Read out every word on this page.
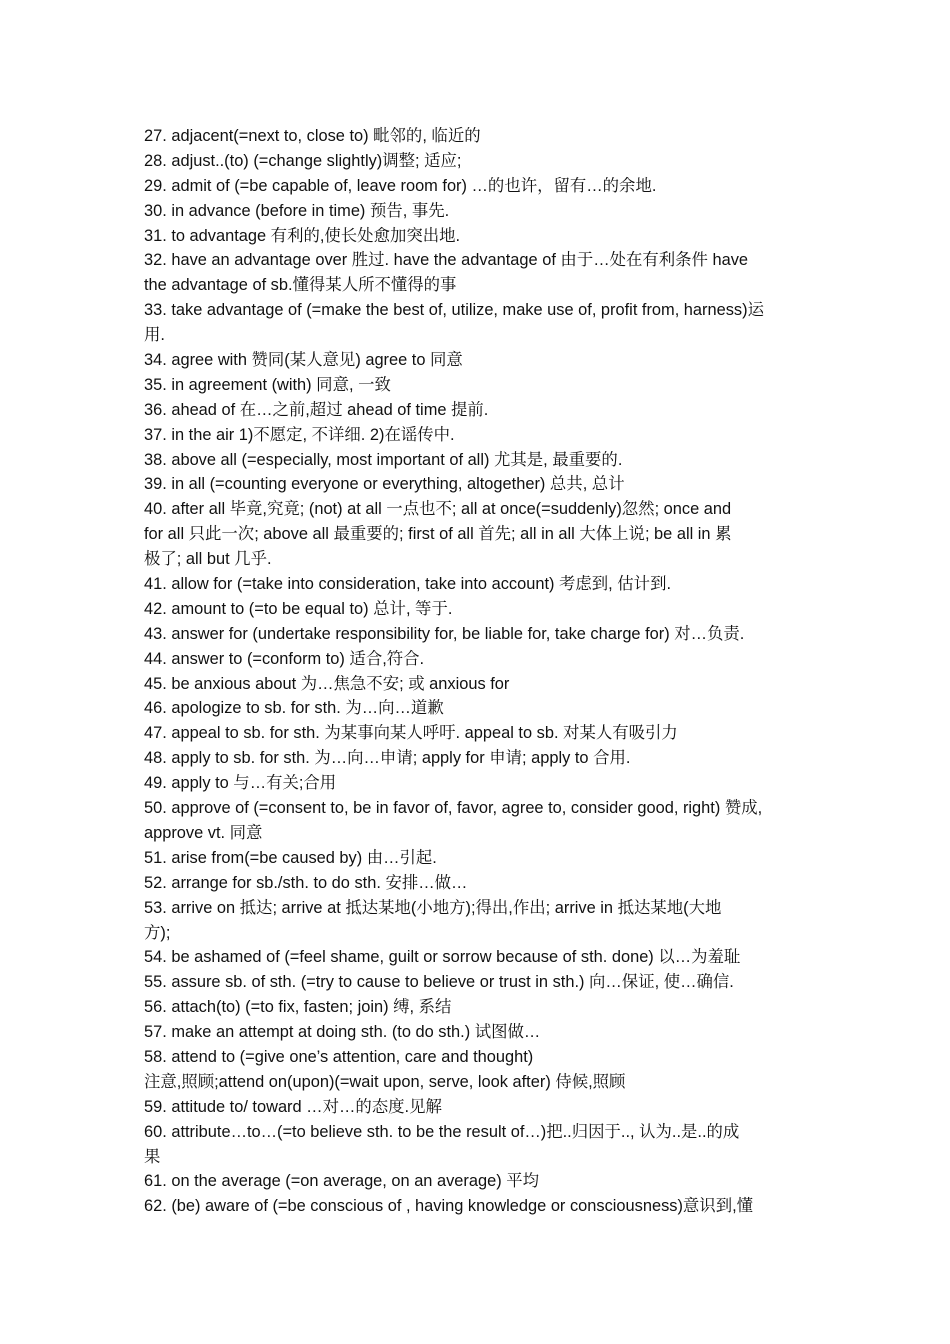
27. adjacent(=next to, close to) 毗邻的, 临近的
28. adjust..(to) (=change slightly)调整; 适应;
29. admit of (=be capable of, leave room for) …的也许，留有…的余地.
30. in advance (before in time) 预告, 事先.
31. to advantage 有利的,使长处愈加突出地.
32. have an advantage over 胜过. have the advantage of 由于…处在有利条件 have
the advantage of sb.懂得某人所不懂得的事
33. take advantage of (=make the best of, utilize, make use of, profit from, harness)运
用.
34. agree with 赞同(某人意见) agree to 同意
35. in agreement (with) 同意, 一致
36. ahead of 在…之前,超过 ahead of time 提前.
37. in the air 1)不愿定, 不详细. 2)在谣传中.
38. above all (=especially, most important of all) 尤其是, 最重要的.
39. in all (=counting everyone or everything, altogether) 总共, 总计
40. after all 毕竟,究竟; (not) at all 一点也不; all at once(=suddenly)忽然; once and
for all 只此一次; above all 最重要的; first of all 首先; all in all 大体上说; be all in 累
极了; all but 几乎.
41. allow for (=take into consideration, take into account) 考虑到, 估计到.
42. amount to (=to be equal to) 总计, 等于.
43. answer for (undertake responsibility for, be liable for, take charge for) 对…负责.
44. answer to (=conform to) 适合,符合.
45. be anxious about 为…焦急不安; 或 anxious for
46. apologize to sb. for sth. 为…向…道歉
47. appeal to sb. for sth. 为某事向某人呼吁. appeal to sb. 对某人有吸引力
48. apply to sb. for sth. 为…向…申请; apply for 申请; apply to 合用.
49. apply to 与…有关;合用
50. approve of (=consent to, be in favor of, favor, agree to, consider good, right) 赞成,
approve vt. 同意
51. arise from(=be caused by) 由…引起.
52. arrange for sb./sth. to do sth. 安排…做…
53. arrive on 抵达; arrive at 抵达某地(小地方);得出,作出; arrive in 抵达某地(大地
方);
54. be ashamed of (=feel shame, guilt or sorrow because of sth. done) 以…为羞耻
55. assure sb. of sth. (=try to cause to believe or trust in sth.) 向…保证, 使…确信.
56. attach(to) (=to fix, fasten; join) 缚, 系结
57. make an attempt at doing sth. (to do sth.) 试图做…
58. attend to (=give one’s attention, care and thought)
注意,照顾;attend on(upon)(=wait upon, serve, look after) 侍候,照顾
59. attitude to/ toward …对…的态度.见解
60. attribute…to…(=to believe sth. to be the result of…)把..归因于.., 认为..是..的成
果
61. on the average (=on average, on an average) 平均
62. (be) aware of (=be conscious of , having knowledge or consciousness)意识到,懂
